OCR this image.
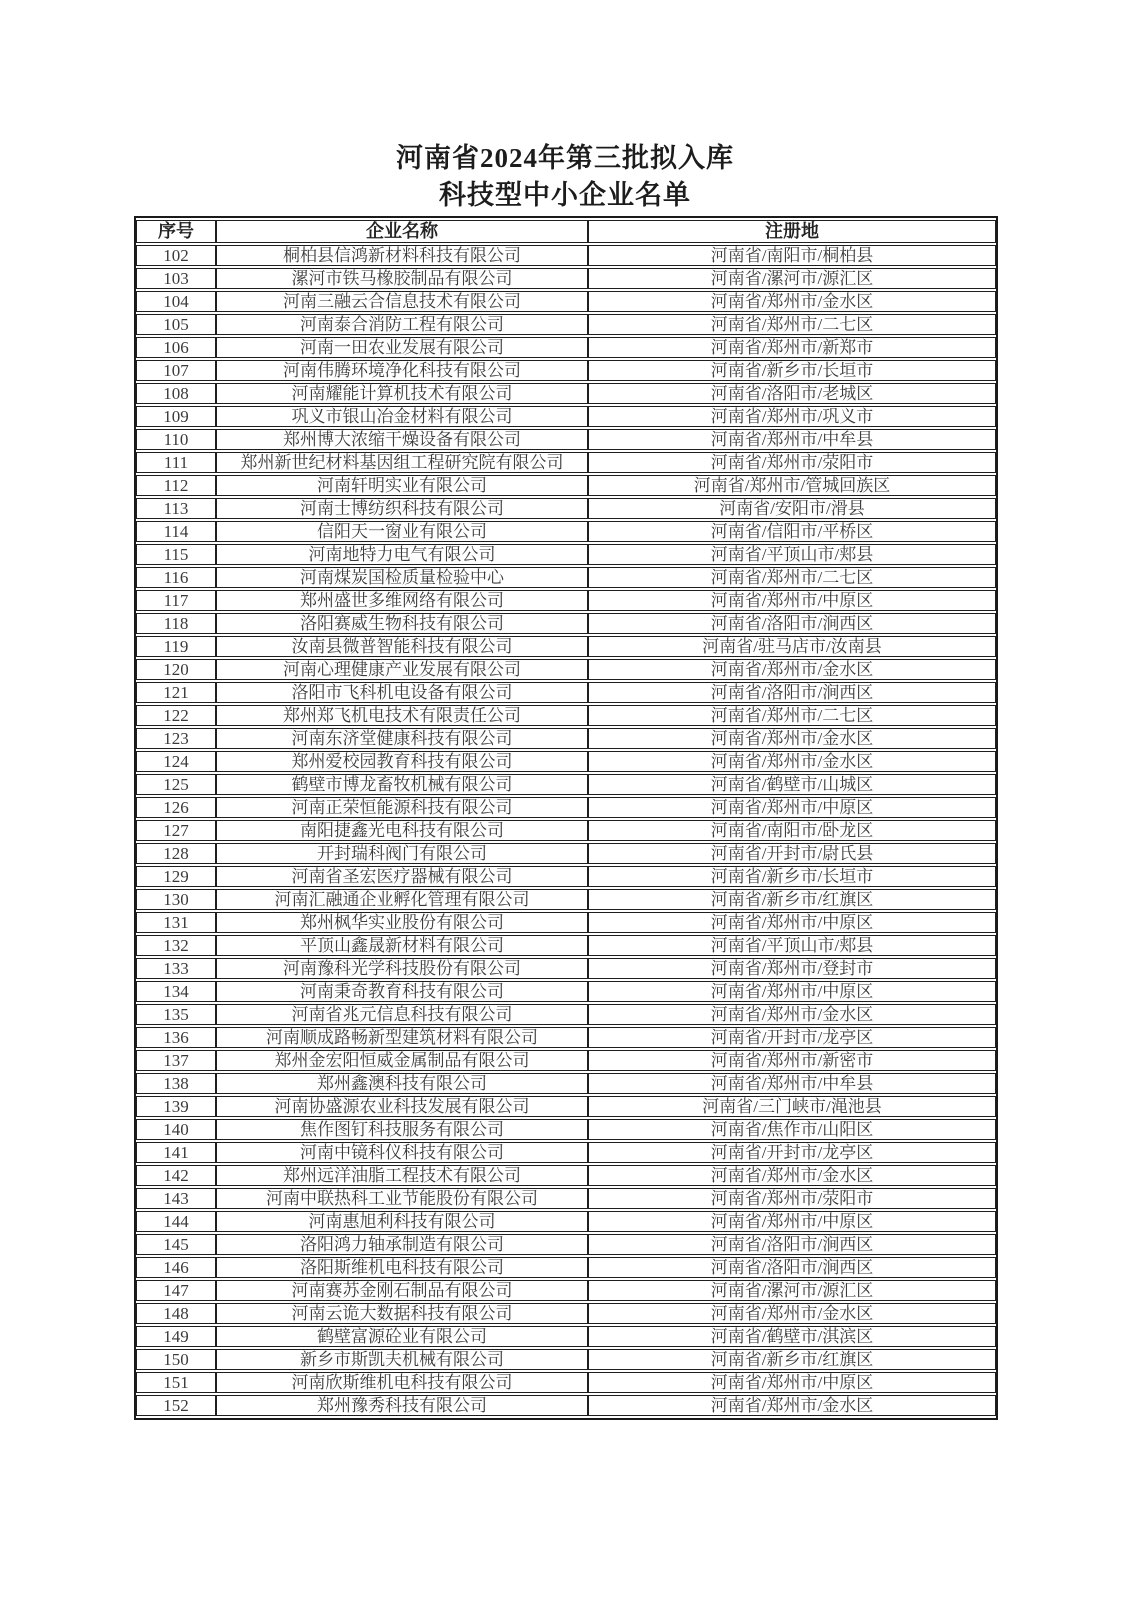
河南省2024年第三批拟入库
科技型中小企业名单
序号	企业名称	注册地
102	桐柏县信鸿新材料科技有限公司	河南省/南阳市/桐柏县
103	漯河市铁马橡胶制品有限公司	河南省/漯河市/源汇区
104	河南三融云合信息技术有限公司	河南省/郑州市/金水区
105	河南泰合消防工程有限公司	河南省/郑州市/二七区
106	河南一田农业发展有限公司	河南省/郑州市/新郑市
107	河南伟腾环境净化科技有限公司	河南省/新乡市/长垣市
108	河南耀能计算机技术有限公司	河南省/洛阳市/老城区
109	巩义市银山冶金材料有限公司	河南省/郑州市/巩义市
110	郑州博大浓缩干燥设备有限公司	河南省/郑州市/中牟县
111	郑州新世纪材料基因组工程研究院有限公司	河南省/郑州市/荥阳市
112	河南轩明实业有限公司	河南省/郑州市/管城回族区
113	河南士博纺织科技有限公司	河南省/安阳市/滑县
114	信阳天一窗业有限公司	河南省/信阳市/平桥区
115	河南地特力电气有限公司	河南省/平顶山市/郏县
116	河南煤炭国检质量检验中心	河南省/郑州市/二七区
117	郑州盛世多维网络有限公司	河南省/郑州市/中原区
118	洛阳赛威生物科技有限公司	河南省/洛阳市/涧西区
119	汝南县微普智能科技有限公司	河南省/驻马店市/汝南县
120	河南心理健康产业发展有限公司	河南省/郑州市/金水区
121	洛阳市飞科机电设备有限公司	河南省/洛阳市/涧西区
122	郑州郑飞机电技术有限责任公司	河南省/郑州市/二七区
123	河南东济堂健康科技有限公司	河南省/郑州市/金水区
124	郑州爱校园教育科技有限公司	河南省/郑州市/金水区
125	鹤壁市博龙畜牧机械有限公司	河南省/鹤壁市/山城区
126	河南正荣恒能源科技有限公司	河南省/郑州市/中原区
127	南阳捷鑫光电科技有限公司	河南省/南阳市/卧龙区
128	开封瑞科阀门有限公司	河南省/开封市/尉氏县
129	河南省圣宏医疗器械有限公司	河南省/新乡市/长垣市
130	河南汇融通企业孵化管理有限公司	河南省/新乡市/红旗区
131	郑州枫华实业股份有限公司	河南省/郑州市/中原区
132	平顶山鑫晟新材料有限公司	河南省/平顶山市/郏县
133	河南豫科光学科技股份有限公司	河南省/郑州市/登封市
134	河南秉奇教育科技有限公司	河南省/郑州市/中原区
135	河南省兆元信息科技有限公司	河南省/郑州市/金水区
136	河南顺成路畅新型建筑材料有限公司	河南省/开封市/龙亭区
137	郑州金宏阳恒威金属制品有限公司	河南省/郑州市/新密市
138	郑州鑫澳科技有限公司	河南省/郑州市/中牟县
139	河南协盛源农业科技发展有限公司	河南省/三门峡市/渑池县
140	焦作图钉科技服务有限公司	河南省/焦作市/山阳区
141	河南中镜科仪科技有限公司	河南省/开封市/龙亭区
142	郑州远洋油脂工程技术有限公司	河南省/郑州市/金水区
143	河南中联热科工业节能股份有限公司	河南省/郑州市/荥阳市
144	河南惠旭利科技有限公司	河南省/郑州市/中原区
145	洛阳鸿力轴承制造有限公司	河南省/洛阳市/涧西区
146	洛阳斯维机电科技有限公司	河南省/洛阳市/涧西区
147	河南赛苏金刚石制品有限公司	河南省/漯河市/源汇区
148	河南云诡大数据科技有限公司	河南省/郑州市/金水区
149	鹤壁富源砼业有限公司	河南省/鹤壁市/淇滨区
150	新乡市斯凯夫机械有限公司	河南省/新乡市/红旗区
151	河南欣斯维机电科技有限公司	河南省/郑州市/中原区
152	郑州豫秀科技有限公司	河南省/郑州市/金水区
